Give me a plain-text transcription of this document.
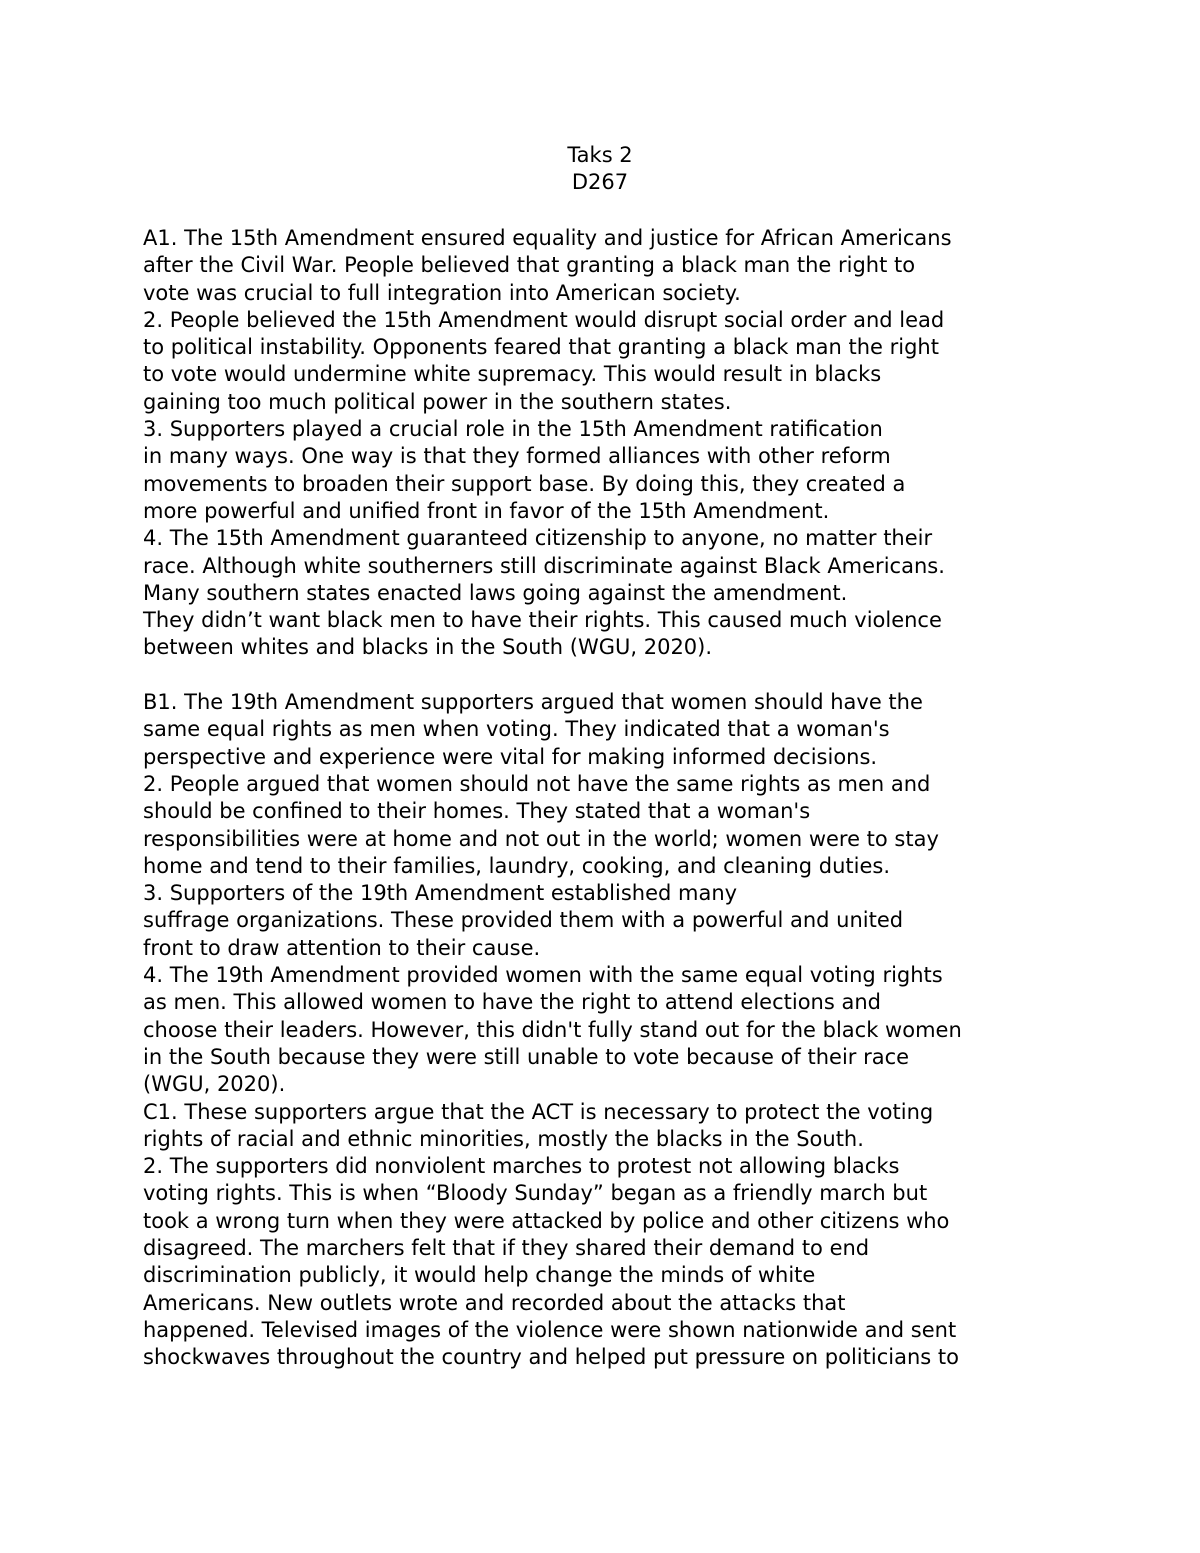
Taks 2
D267
A1. The 15th Amendment ensured equality and justice for African Americans
after the Civil War. People believed that granting a black man the right to
vote was crucial to full integration into American society.
2. People believed the 15th Amendment would disrupt social order and lead
to political instability. Opponents feared that granting a black man the right
to vote would undermine white supremacy. This would result in blacks
gaining too much political power in the southern states.
3. Supporters played a crucial role in the 15th Amendment ratification
in many ways. One way is that they formed alliances with other reform
movements to broaden their support base. By doing this, they created a
more powerful and unified front in favor of the 15th Amendment.
4. The 15th Amendment guaranteed citizenship to anyone, no matter their
race. Although white southerners still discriminate against Black Americans.
Many southern states enacted laws going against the amendment.
They didn’t want black men to have their rights. This caused much violence
between whites and blacks in the South (WGU, 2020).
B1. The 19th Amendment supporters argued that women should have the
same equal rights as men when voting. They indicated that a woman's
perspective and experience were vital for making informed decisions.
2. People argued that women should not have the same rights as men and
should be confined to their homes. They stated that a woman's
responsibilities were at home and not out in the world; women were to stay
home and tend to their families, laundry, cooking, and cleaning duties.
3. Supporters of the 19th Amendment established many
suffrage organizations. These provided them with a powerful and united
front to draw attention to their cause.
4. The 19th Amendment provided women with the same equal voting rights
as men. This allowed women to have the right to attend elections and
choose their leaders. However, this didn't fully stand out for the black women
in the South because they were still unable to vote because of their race
(WGU, 2020).
C1. These supporters argue that the ACT is necessary to protect the voting
rights of racial and ethnic minorities, mostly the blacks in the South.
2. The supporters did nonviolent marches to protest not allowing blacks
voting rights. This is when “Bloody Sunday” began as a friendly march but
took a wrong turn when they were attacked by police and other citizens who
disagreed. The marchers felt that if they shared their demand to end
discrimination publicly, it would help change the minds of white
Americans. New outlets wrote and recorded about the attacks that
happened. Televised images of the violence were shown nationwide and sent
shockwaves throughout the country and helped put pressure on politicians to
